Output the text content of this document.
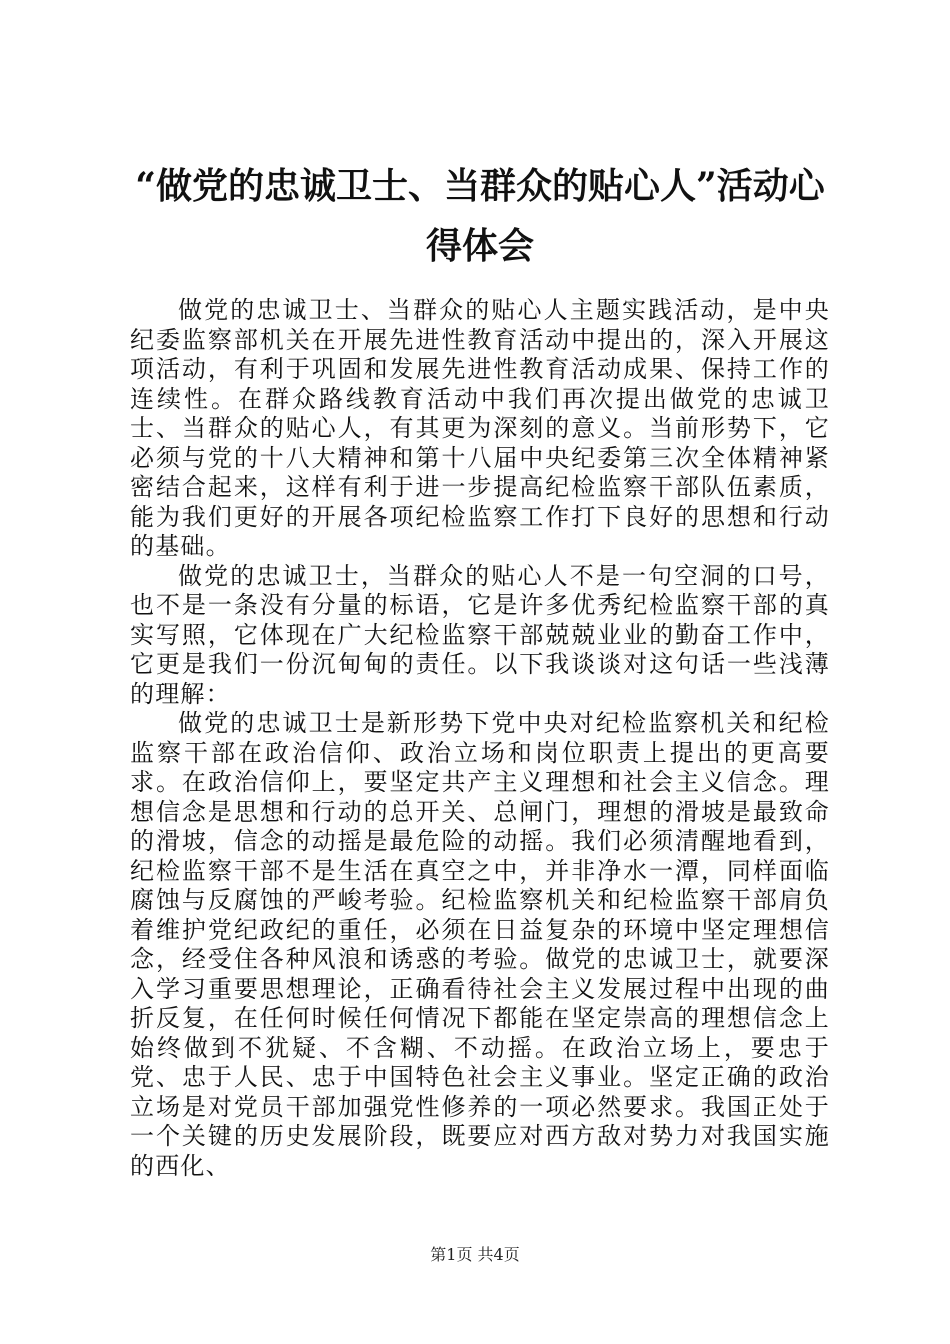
“做党的忠诚卫士、当群众的贴心人”活动心
得体会

做党的忠诚卫士、当群众的贴心人主题实践活动，是中央纪委监察部机关在开展先进性教育活动中提出的，深入开展这项活动，有利于巩固和发展先进性教育活动成果、保持工作的连续性。在群众路线教育活动中我们再次提出做党的忠诚卫士、当群众的贴心人，有其更为深刻的意义。当前形势下，它必须与党的十八大精神和第十八届中央纪委第三次全体精神紧密结合起来，这样有利于进一步提高纪检监察干部队伍素质，能为我们更好的开展各项纪检监察工作打下良好的思想和行动的基础。

做党的忠诚卫士，当群众的贴心人不是一句空洞的口号，也不是一条没有分量的标语，它是许多优秀纪检监察干部的真实写照，它体现在广大纪检监察干部兢兢业业的勤奋工作中，它更是我们一份沉甸甸的责任。以下我谈谈对这句话一些浅薄的理解：

做党的忠诚卫士是新形势下党中央对纪检监察机关和纪检监察干部在政治信仰、政治立场和岗位职责上提出的更高要求。在政治信仰上，要坚定共产主义理想和社会主义信念。理想信念是思想和行动的总开关、总闸门，理想的滑坡是最致命的滑坡，信念的动摇是最危险的动摇。我们必须清醒地看到，纪检监察干部不是生活在真空之中，并非净水一潭，同样面临腐蚀与反腐蚀的严峻考验。纪检监察机关和纪检监察干部肩负着维护党纪政纪的重任，必须在日益复杂的环境中坚定理想信念，经受住各种风浪和诱惑的考验。做党的忠诚卫士，就要深入学习重要思想理论，正确看待社会主义发展过程中出现的曲折反复，在任何时候任何情况下都能在坚定崇高的理想信念上始终做到不犹疑、不含糊、不动摇。在政治立场上，要忠于党、忠于人民、忠于中国特色社会主义事业。坚定正确的政治立场是对党员干部加强党性修养的一项必然要求。我国正处于一个关键的历史发展阶段，既要应对西方敌对势力对我国实施的西化、

第1页 共4页
